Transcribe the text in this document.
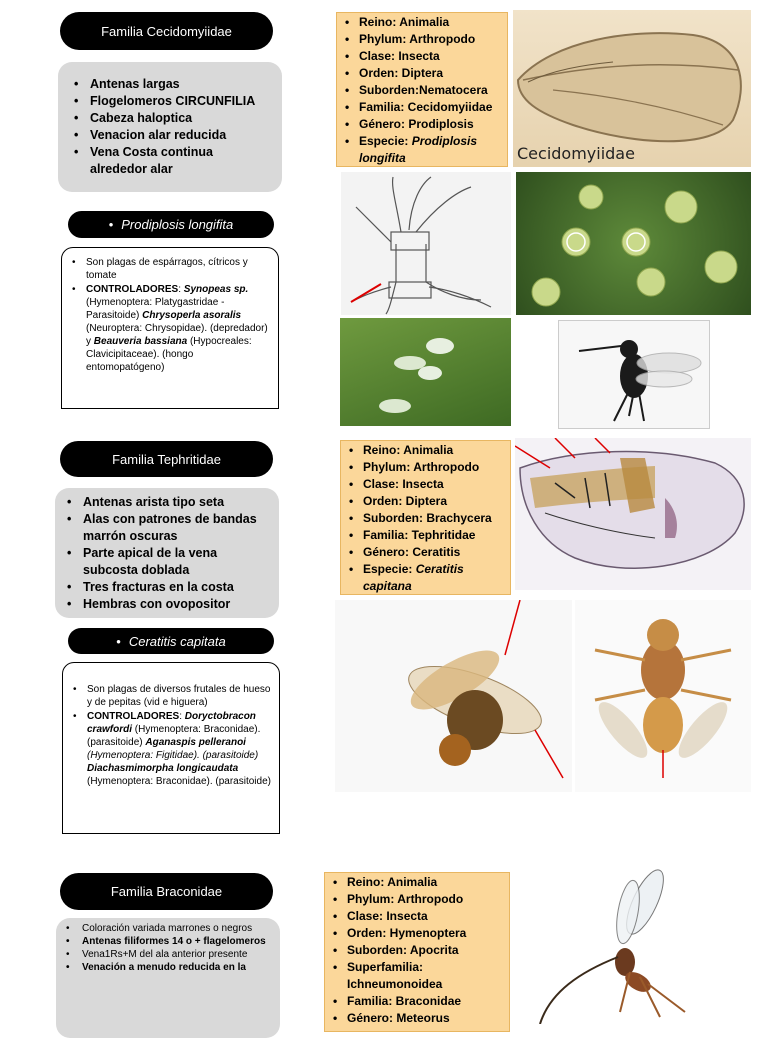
Familia Cecidomyiidae
• Antenas largas
• Flogelomeros CIRCUNFILIA
• Cabeza haloptica
• Venacion alar reducida
• Vena Costa continua alrededor alar
• Prodiplosis longifita
• Son plagas de espárragos, cítricos y tomate
• CONTROLADORES: Synopeas sp. (Hymenoptera: Platygastridae - Parasitoide) Chrysoperla asoralis (Neuroptera: Chrysopidae). (depredador) y Beauveria bassiana (Hypocreales: Clavicipitaceae). (hongo entomopatógeno)
• Reino: Animalia
• Phylum: Arthropodo
• Clase: Insecta
• Orden: Diptera
• Suborden:Nematocera
• Familia: Cecidomyiidae
• Género: Prodiplosis
• Especie: Prodiplosis longifita	Cecidomyiidae
Familia Tephritidae
• Antenas arista tipo seta
• Alas con patrones de bandas marrón oscuras
• Parte apical de la vena subcosta doblada
• Tres fracturas en la costa
• Hembras con ovopositor
• Ceratitis capitata
• Son plagas de diversos frutales de hueso y de pepitas (vid e higuera)
• CONTROLADORES: Doryctobracon crawfordi (Hymenoptera: Braconidae). (parasitoide) Aganaspis pelleranoi (Hymenoptera: Figitidae). (parasitoide) Diachasmimorpha longicaudata (Hymenoptera: Braconidae). (parasitoide)
• Reino: Animalia
• Phylum: Arthropodo
• Clase: Insecta
• Orden: Diptera
• Suborden: Brachycera
• Familia: Tephritidae
• Género: Ceratitis
• Especie: Ceratitis capitana
Familia Braconidae
• Coloración variada marrones o negros
• Antenas filiformes 14 o + flagelomeros
• Vena1Rs+M del ala anterior presente
• Venación a menudo reducida en la
• Reino: Animalia
• Phylum: Arthropodo
• Clase: Insecta
• Orden: Hymenoptera
• Suborden: Apocrita
• Superfamilia: Ichneumonoidea
• Familia: Braconidae
• Género: Meteorus
